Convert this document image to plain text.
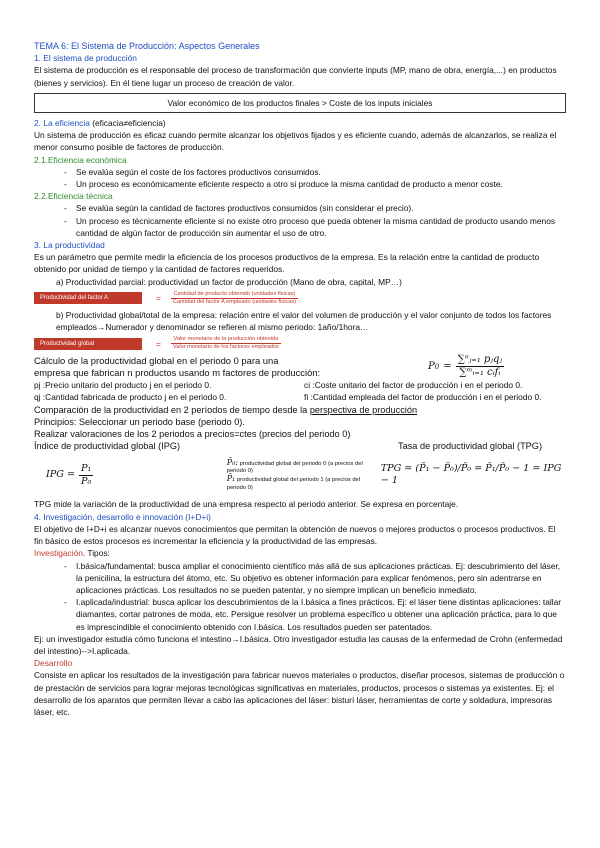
TEMA 6: El Sistema de Producción: Aspectos Generales

1. El sistema de producción

El sistema de producción es el responsable del proceso de transformación que convierte inputs (MP, mano de obra, energía,...) en productos (bienes y servicios). En él tiene lugar un proceso de creación de valor.

Valor económico de los productos finales > Coste de los inputs iniciales

2. La eficiencia (eficacia≠eficiencia)

Un sistema de producción es eficaz cuando permite alcanzar los objetivos fijados y es eficiente cuando, además de alcanzarlos, se realiza el menor consumo posible de factores de producción.

2.1.Eficiencia económica

- Se evalúa según el coste de los factores productivos consumidos.
- Un proceso es económicamente eficiente respecto a otro si produce la misma cantidad de producto a menor coste.

2.2.Eficiencia técnica

- Se evalúa según la cantidad de factores productivos consumidos (sin considerar el precio).
- Un proceso es técnicamente eficiente si no existe otro proceso que pueda obtener la misma cantidad de producto usando menos cantidad de algún factor de producción sin aumentar el uso de otro.

3. La productividad

Es un parámetro que permite medir la eficiencia de los procesos productivos de la empresa. Es la relación entre la cantidad de producto obtenido por unidad de tiempo y la cantidad de factores requeridos.

a) Productividad parcial: productividad un factor de producción (Mano de obra, capital, MP…)

Productividad del factor A	= $\frac{\text{Cantidad de producto obtenido (unidades físicas)}}{\text{Cantidad del factor A empleado (unidades físicas)}}$

b) Productividad global/total de la empresa: relación entre el valor del volumen de producción y el valor conjunto de todos los factores empleados→Numerador y denominador se refieren al mismo periodo: 1año/1hora…

Productividad global	= $\frac{\text{Valor monetario de la producción obtenida}}{\text{Valor monetario de los factores empleados}}$

Cálculo de la productividad global en el periodo 0 para una

empresa que fabrican n productos usando m factores de producción:

P $0 = \frac{\text{∑ⁿⱼ₌₁ pⱼqⱼ}}{\text{∑ᵐᵢ₌₁ cᵢfᵢ}}$
pj :Precio unitario del producto j en el periodo 0.	ci :Coste unitario del factor de producción i en el periodo 0.
qj :Cantidad fabricada de producto j en el periodo 0.	fi :Cantidad empleada del factor de producción i en el periodo 0.

Comparación de la productividad en 2 períodos de tiempo desde la perspectiva de producción

Principios: Seleccionar un periodo base (periodo 0).

Realizar valoraciones de los 2 periodos a precios=ctes (precios del periodo 0)

Índice de productividad global (IPG)	Tasa de productividad global (TPG)
IPG = $\frac{\text{P₁}}{\text{P₀}}$

P̄₀: productividad global del periodo 0 (a precios del periodo 0)

P̄₁ productividad global del periodo 1 (a precios del periodo 0)

TPG = (P̄₁ − P̄₀)/P̄₀ = P̄₁/P̄₀ − 1 = IPG − 1

TPG mide la variación de la productividad de una empresa respecto al periodo anterior. Se expresa en porcentaje.

4. Investigación, desarrollo e innovación (I+D+i)

El objetivo de I+D+i es alcanzar nuevos conocimientos que permitan la obtención de nuevos o mejores productos o procesos productivos. El fin básico de estos procesos es incrementar la eficiencia y la productividad de las empresas.

Investigación. Tipos:

- I.básica/fundamental: busca ampliar el conocimiento científico más allá de sus aplicaciones prácticas. Ej: descubrimiento del láser, la penicilina, la estructura del átomo, etc. Su objetivo es obtener información para explicar fenómenos, pero sin adentrarse en aplicaciones prácticas. Los resultados no se pueden patentar, y no siempre implican un beneficio inmediato.
- I.aplicada/industrial: busca aplicar los descubrimientos de la I.básica a fines prácticos. Ej: el láser tiene distintas aplicaciones: tallar diamantes, cortar patrones de moda, etc. Persigue resolver un problema específico u obtener una aplicación práctica, para lo que es imprescindible el conocimiento obtenido con I.básica. Los resultados pueden ser patentados.

Ej: un investigador estudia cómo funciona el intestino→I.básica. Otro investigador estudia las causas de la enfermedad de Crohn (enfermedad del intestino)-->I.aplicada.

Desarrollo

Consiste en aplicar los resultados de la investigación para fabricar nuevos materiales o productos, diseñar procesos, sistemas de producción o de prestación de servicios para lograr mejoras tecnológicas significativas en materiales, productos, procesos o sistemas ya existentes. Ej: el desarrollo de los aparatos que permiten llevar a cabo las aplicaciones del láser: bisturí láser, herramientas de corte y soldadura, impresoras láser, etc.
